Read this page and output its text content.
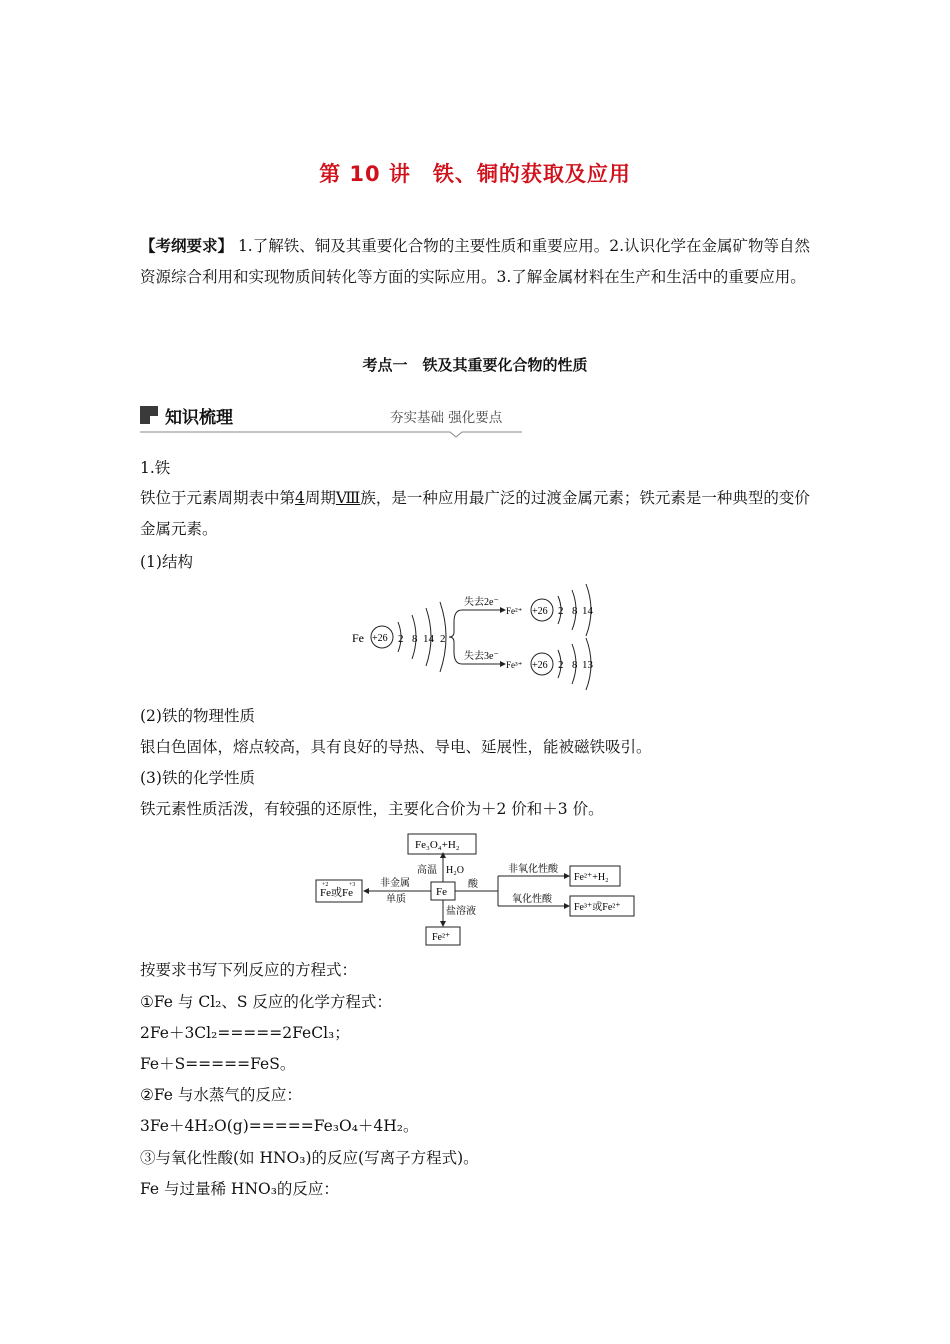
第 10 讲　铁、铜的获取及应用
【考纲要求】 1.了解铁、铜及其重要化合物的主要性质和重要应用。2.认识化学在金属矿物等自然资源综合利用和实现物质间转化等方面的实际应用。3.了解金属材料在生产和生活中的重要应用。
考点一　铁及其重要化合物的性质
知识梳理	夯实基础 强化要点
1.铁
铁位于元素周期表中第4周期Ⅷ族，是一种应用最广泛的过渡金属元素；铁元素是一种典型的变价金属元素。
(1)结构
Fe +26 2 8 14 2
失去2e⁻
失去3e⁻
Fe²⁺ +26 2 8 14
Fe³⁺ +26 2 8 13
(2)铁的物理性质
银白色固体，熔点较高，具有良好的导热、导电、延展性，能被磁铁吸引。
(3)铁的化学性质
铁元素性质活泼，有较强的还原性，主要化合价为＋2 价和＋3 价。
Fe₃O₄+H₂
Fe
高温 H₂O
Fe或Fe
+2	+3 非金属
单质
酸
非氧化性酸
氧化性酸
Fe²⁺+H₂
Fe³⁺或Fe²⁺
盐溶液
Fe²⁺
按要求书写下列反应的方程式：
①Fe 与 Cl₂、S 反应的化学方程式：
2Fe＋3Cl₂=====2FeCl₃；
Fe＋S=====FeS。
②Fe 与水蒸气的反应：
3Fe＋4H₂O(g)=====Fe₃O₄＋4H₂。
③与氧化性酸(如 HNO₃)的反应(写离子方程式)。
Fe 与过量稀 HNO₃的反应：
